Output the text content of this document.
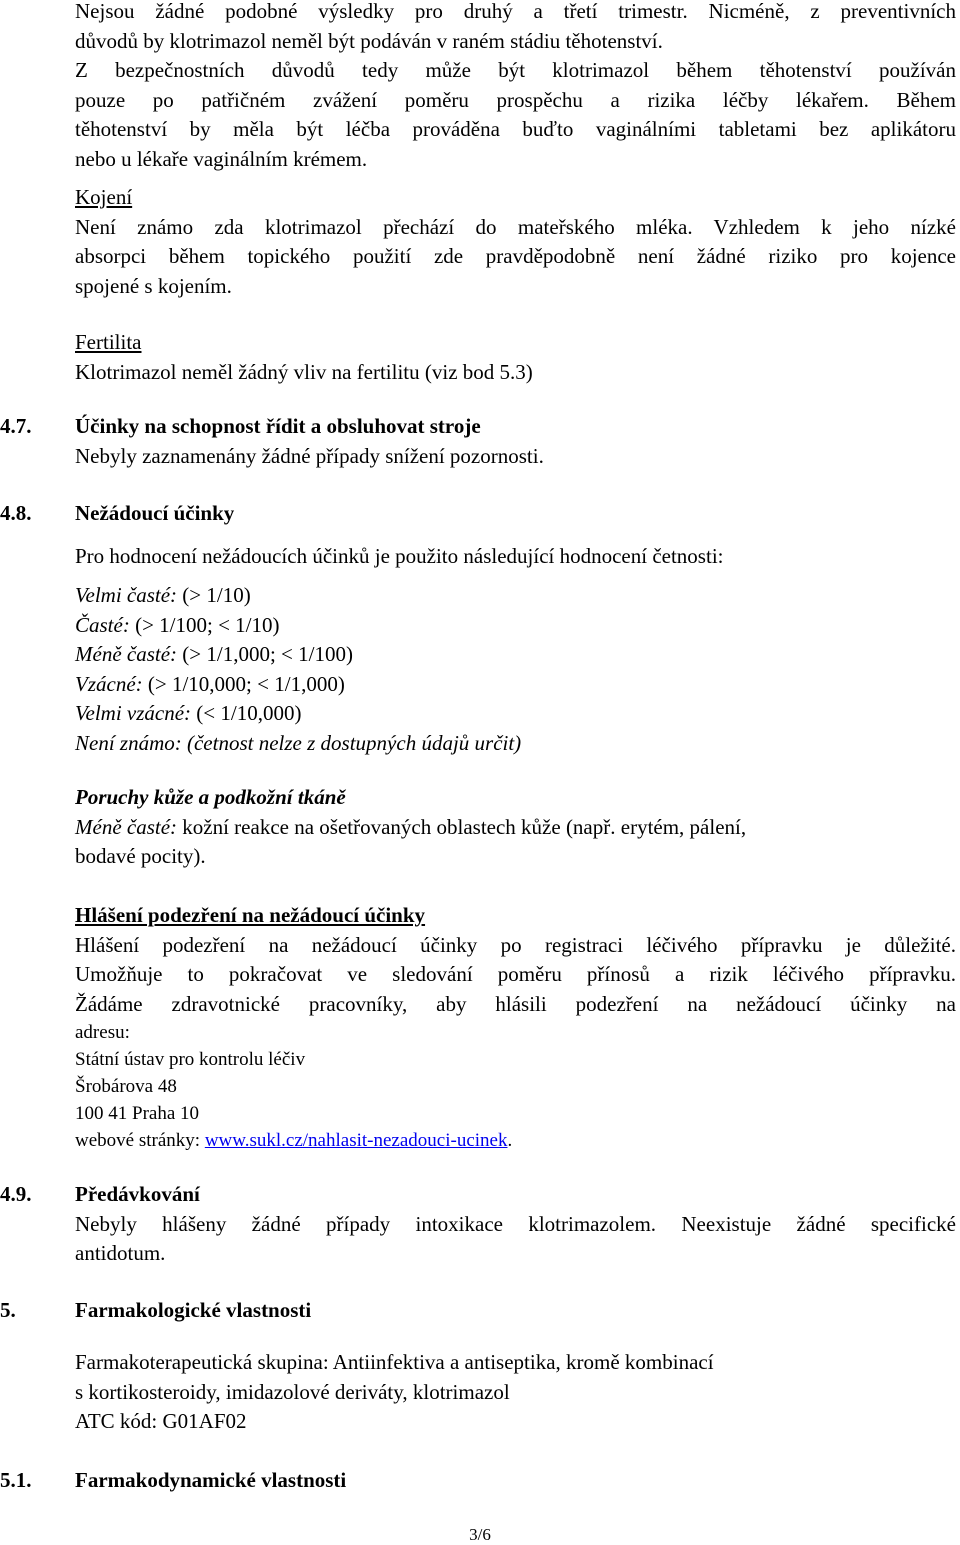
Nejsou žádné podobné výsledky pro druhý a třetí trimestr. Nicméně, z preventivních
důvodů by klotrimazol neměl být podáván v raném stádiu těhotenství.
Z bezpečnostních důvodů tedy může být klotrimazol během těhotenství používán
pouze po patřičném zvážení poměru prospěchu a rizika léčby lékařem. Během
těhotenství by měla být léčba prováděna buďto vaginálními tabletami bez aplikátoru
nebo u lékaře vaginálním krémem.
Kojení
Není známo zda klotrimazol přechází do mateřského mléka. Vzhledem k jeho nízké
absorpci během topického použití zde pravděpodobně není žádné riziko pro kojence
spojené s kojením.
Fertilita
Klotrimazol neměl žádný vliv na fertilitu (viz bod 5.3)
4.7. Účinky na schopnost řídit a obsluhovat stroje
Nebyly zaznamenány žádné případy snížení pozornosti.
4.8. Nežádoucí účinky
Pro hodnocení nežádoucích účinků je použito následující hodnocení četnosti:
Velmi časté: (> 1/10)
Časté: (> 1/100; < 1/10)
Méně časté: (> 1/1,000; < 1/100)
Vzácné: (> 1/10,000; < 1/1,000)
Velmi vzácné: (< 1/10,000)
Není známo: (četnost nelze z dostupných údajů určit)
Poruchy kůže a podkožní tkáně
Méně časté: kožní reakce na ošetřovaných oblastech kůže (např. erytém, pálení,
bodavé pocity).
Hlášení podezření na nežádoucí účinky
Hlášení podezření na nežádoucí účinky po registraci léčivého přípravku je důležité.
Umožňuje to pokračovat ve sledování poměru přínosů a rizik léčivého přípravku.
Žádáme zdravotnické pracovníky, aby hlásili podezření na nežádoucí účinky na
adresu:
Státní ústav pro kontrolu léčiv
Šrobárova 48
100 41 Praha 10
webové stránky: www.sukl.cz/nahlasit-nezadouci-ucinek.
4.9. Předávkování
Nebyly hlášeny žádné případy intoxikace klotrimazolem. Neexistuje žádné specifické
antidotum.
5.	Farmakologické vlastnosti
Farmakoterapeutická skupina: Antiinfektiva a antiseptika, kromě kombinací
s kortikosteroidy, imidazolové deriváty, klotrimazol
ATC kód: G01AF02
5.1. Farmakodynamické vlastnosti
3/6
